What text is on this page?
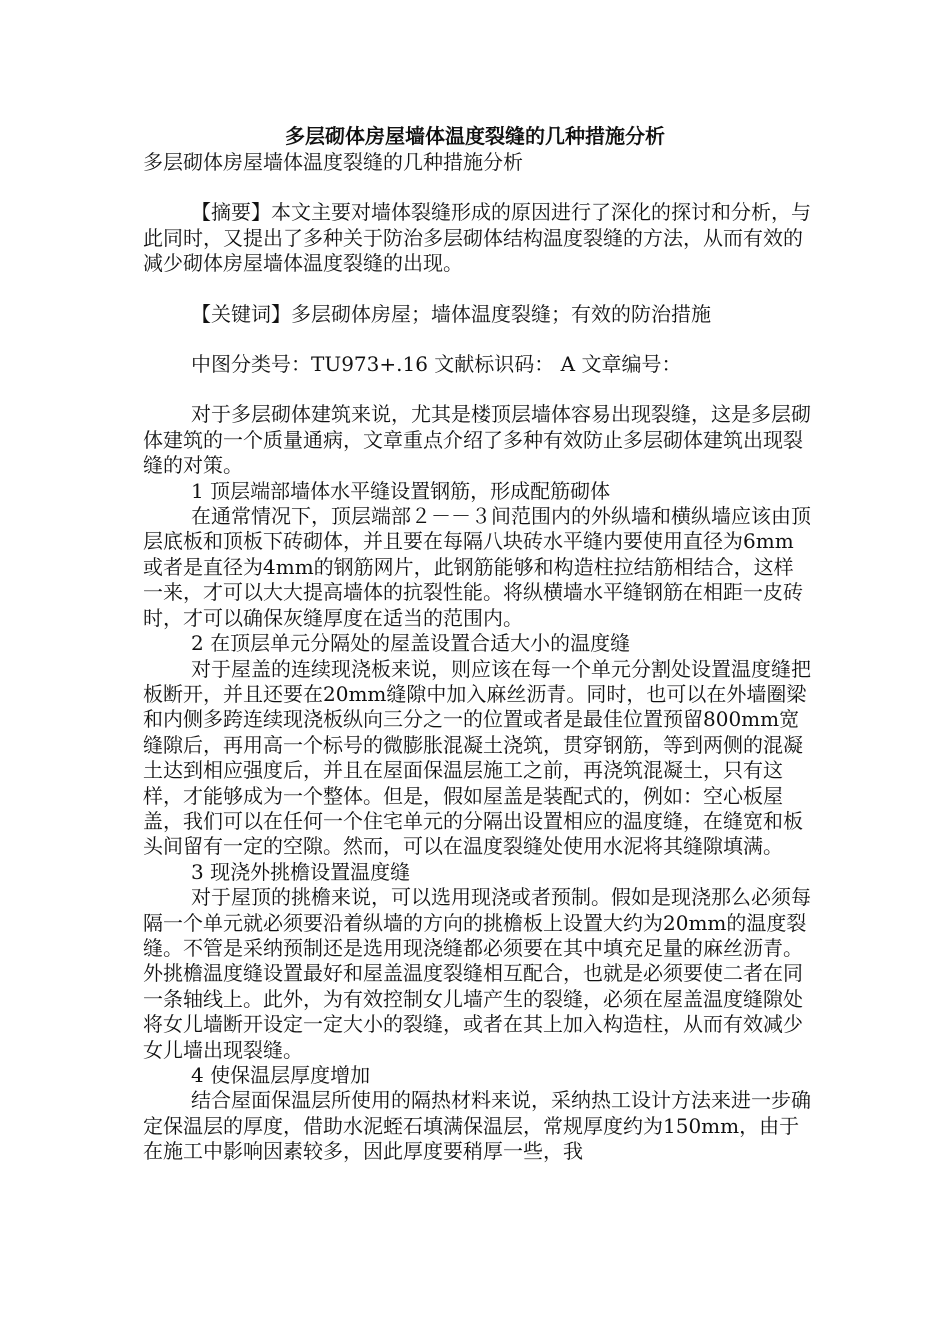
多层砌体房屋墙体温度裂缝的几种措施分析

多层砌体房屋墙体温度裂缝的几种措施分析

【摘要】本文主要对墙体裂缝形成的原因进行了深化的探讨和分析，与此同时，又提出了多种关于防治多层砌体结构温度裂缝的方法，从而有效的减少砌体房屋墙体温度裂缝的出现。

【关键词】多层砌体房屋；墙体温度裂缝；有效的防治措施

中图分类号：TU973+.16 文献标识码： A 文章编号：

对于多层砌体建筑来说，尤其是楼顶层墙体容易出现裂缝，这是多层砌体建筑的一个质量通病，文章重点介绍了多种有效防止多层砌体建筑出现裂缝的对策。

1 顶层端部墙体水平缝设置钢筋，形成配筋砌体

在通常情况下，顶层端部２－－３间范围内的外纵墙和横纵墙应该由顶层底板和顶板下砖砌体，并且要在每隔八块砖水平缝内要使用直径为6mm或者是直径为4mm的钢筋网片，此钢筋能够和构造柱拉结筋相结合，这样一来，才可以大大提高墙体的抗裂性能。将纵横墙水平缝钢筋在相距一皮砖时，才可以确保灰缝厚度在适当的范围内。

2 在顶层单元分隔处的屋盖设置合适大小的温度缝

对于屋盖的连续现浇板来说，则应该在每一个单元分割处设置温度缝把板断开，并且还要在20mm缝隙中加入麻丝沥青。同时，也可以在外墙圈梁和内侧多跨连续现浇板纵向三分之一的位置或者是最佳位置预留800mm宽缝隙后，再用高一个标号的微膨胀混凝土浇筑，贯穿钢筋，等到两侧的混凝土达到相应强度后，并且在屋面保温层施工之前，再浇筑混凝土，只有这样，才能够成为一个整体。但是，假如屋盖是装配式的，例如：空心板屋盖，我们可以在任何一个住宅单元的分隔出设置相应的温度缝，在缝宽和板头间留有一定的空隙。然而，可以在温度裂缝处使用水泥将其缝隙填满。

3 现浇外挑檐设置温度缝

对于屋顶的挑檐来说，可以选用现浇或者预制。假如是现浇那么必须每隔一个单元就必须要沿着纵墙的方向的挑檐板上设置大约为20mm的温度裂缝。不管是采纳预制还是选用现浇缝都必须要在其中填充足量的麻丝沥青。外挑檐温度缝设置最好和屋盖温度裂缝相互配合，也就是必须要使二者在同一条轴线上。此外，为有效控制女儿墙产生的裂缝，必须在屋盖温度缝隙处将女儿墙断开设定一定大小的裂缝，或者在其上加入构造柱，从而有效减少女儿墙出现裂缝。

4 使保温层厚度增加

结合屋面保温层所使用的隔热材料来说，采纳热工设计方法来进一步确定保温层的厚度，借助水泥蛭石填满保温层，常规厚度约为150mm，由于在施工中影响因素较多，因此厚度要稍厚一些，我
